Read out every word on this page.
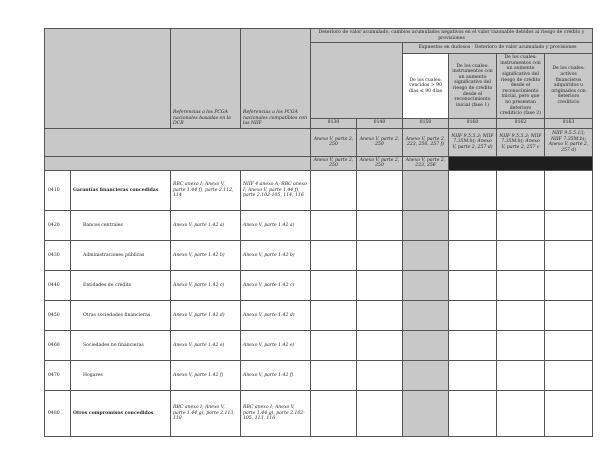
		Referencias a los PCGA nacionales basadas en la DCB	Referencias a los PCGA nacionales compatibles con las NIIF	Deterioro de valor acumulado, cambios acumulados negativos en el valor razonable debidos al riesgo de crédito y provisiones					
						Expuestos en dudosos - Deterioro de valor acumulado y provisiones			
						De los cuales: vencidos > 90 días ≤ 90 días	De los cuales: instrumentos con un aumento significativo del riesgo de crédito desde el reconocimiento inicial (fase 1)	De los cuales: instrumentos con un aumento significativo del riesgo de crédito desde el reconocimiento inicial, pero que no presentan deterioro crediticio (fase 2)	De los cuales: activos financieros adquiridos u originados con deterioro crediticio
				0130	0140	0150	0160	0162	0163
				Anexo V, parte 2, 250	Anexo V, parte 2, 250	Anexo V, parte 2, 223, 256, 257 f)	NIIF 9.5.5.3; NIIF 7.35M.b); Anexo V, parte 2, 257 d)	NIIF 9.5.5.3; NIIF 7.35M.b); Anexo V, parte 2, 257 c	NIIF 9.5.5.13; NIIF 7.35M.b); Anexo V, parte 2, 257 d)
				Anexo V, parte 2, 250	Anexo V, parte 2, 250	Anexo V, parte 2, 223, 256			
0410	Garantías financieras concedidas	RBC anexo I; Anexo V, parte 1.44 f), parte 2.112, 114	NIIF 4 anexo A; RBC anexo I; Anexo V, parte 1.44 f), parte 2.102-105, 114, 116						
0420	Bancos centrales	Anexo V, parte 1.42 a)	Anexo V, parte 1.42 a)						
0430	Administraciones públicas	Anexo V, parte 1.42 b)	Anexo V, parte 1.42 b)						
0440	Entidades de crédito	Anexo V, parte 1.42 c)	Anexo V, parte 1.42 c)						
0450	Otras sociedades financieras	Anexo V, parte 1.42 d)	Anexo V, parte 1.42 d)						
0460	Sociedades no financieras	Anexo V, parte 1.42 e)	Anexo V, parte 1.42 e)						
0470	Hogares	Anexo V, parte 1.42 f)	Anexo V, parte 1.42 f)						
0480	Otros compromisos concedidos	RBC anexo I; Anexo V, parte 1.44 g), parte 2.113, 118	RBC anexo I; Anexo V, parte 1.44 g), parte 2.102-105, 113, 116						
